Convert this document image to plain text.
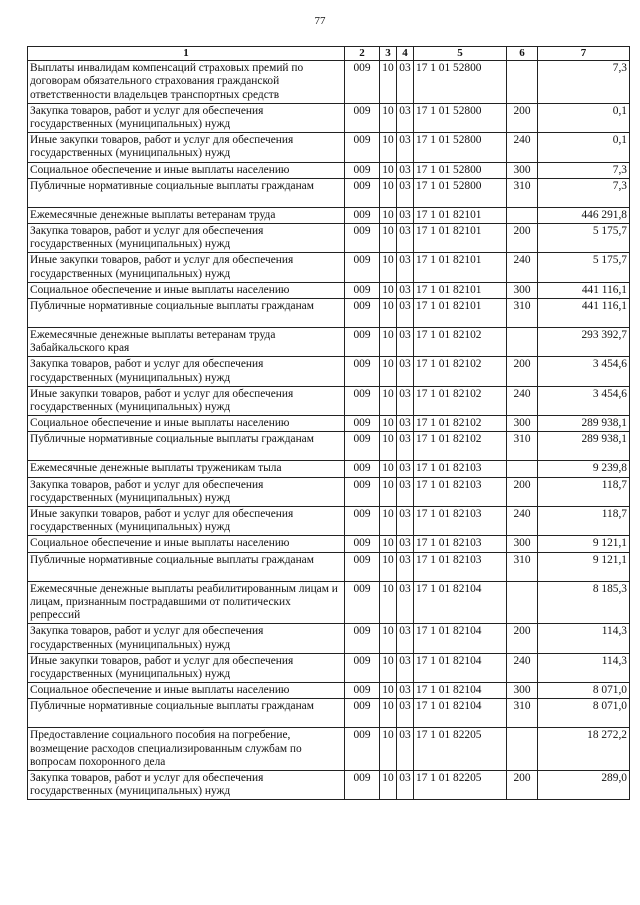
77
1	2	3	4	5	6	7
Выплаты инвалидам компенсаций страховых премий по договорам обязательного страхования гражданской ответственности владельцев транспортных средств	009	10	03	17 1 01 52800		7,3
Закупка товаров, работ и услуг для обеспечения государственных (муниципальных) нужд	009	10	03	17 1 01 52800	200	0,1
Иные закупки товаров, работ и услуг для обеспечения государственных (муниципальных) нужд	009	10	03	17 1 01 52800	240	0,1
Социальное обеспечение и иные выплаты населению	009	10	03	17 1 01 52800	300	7,3
Публичные нормативные социальные выплаты гражданам	009	10	03	17 1 01 52800	310	7,3
Ежемесячные денежные выплаты ветеранам труда	009	10	03	17 1 01 82101		446 291,8
Закупка товаров, работ и услуг для обеспечения государственных (муниципальных) нужд	009	10	03	17 1 01 82101	200	5 175,7
Иные закупки товаров, работ и услуг для обеспечения государственных (муниципальных) нужд	009	10	03	17 1 01 82101	240	5 175,7
Социальное обеспечение и иные выплаты населению	009	10	03	17 1 01 82101	300	441 116,1
Публичные нормативные социальные выплаты гражданам	009	10	03	17 1 01 82101	310	441 116,1
Ежемесячные денежные выплаты ветеранам труда Забайкальского края	009	10	03	17 1 01 82102		293 392,7
Закупка товаров, работ и услуг для обеспечения государственных (муниципальных) нужд	009	10	03	17 1 01 82102	200	3 454,6
Иные закупки товаров, работ и услуг для обеспечения государственных (муниципальных) нужд	009	10	03	17 1 01 82102	240	3 454,6
Социальное обеспечение и иные выплаты населению	009	10	03	17 1 01 82102	300	289 938,1
Публичные нормативные социальные выплаты гражданам	009	10	03	17 1 01 82102	310	289 938,1
Ежемесячные денежные выплаты труженикам тыла	009	10	03	17 1 01 82103		9 239,8
Закупка товаров, работ и услуг для обеспечения государственных (муниципальных) нужд	009	10	03	17 1 01 82103	200	118,7
Иные закупки товаров, работ и услуг для обеспечения государственных (муниципальных) нужд	009	10	03	17 1 01 82103	240	118,7
Социальное обеспечение и иные выплаты населению	009	10	03	17 1 01 82103	300	9 121,1
Публичные нормативные социальные выплаты гражданам	009	10	03	17 1 01 82103	310	9 121,1
Ежемесячные денежные выплаты реабилитированным лицам и лицам, признанным пострадавшими от политических репрессий	009	10	03	17 1 01 82104		8 185,3
Закупка товаров, работ и услуг для обеспечения государственных (муниципальных) нужд	009	10	03	17 1 01 82104	200	114,3
Иные закупки товаров, работ и услуг для обеспечения государственных (муниципальных) нужд	009	10	03	17 1 01 82104	240	114,3
Социальное обеспечение и иные выплаты населению	009	10	03	17 1 01 82104	300	8 071,0
Публичные нормативные социальные выплаты гражданам	009	10	03	17 1 01 82104	310	8 071,0
Предоставление социального пособия на погребение, возмещение расходов специализированным службам по вопросам похоронного дела	009	10	03	17 1 01 82205		18 272,2
Закупка товаров, работ и услуг для обеспечения государственных (муниципальных) нужд	009	10	03	17 1 01 82205	200	289,0
